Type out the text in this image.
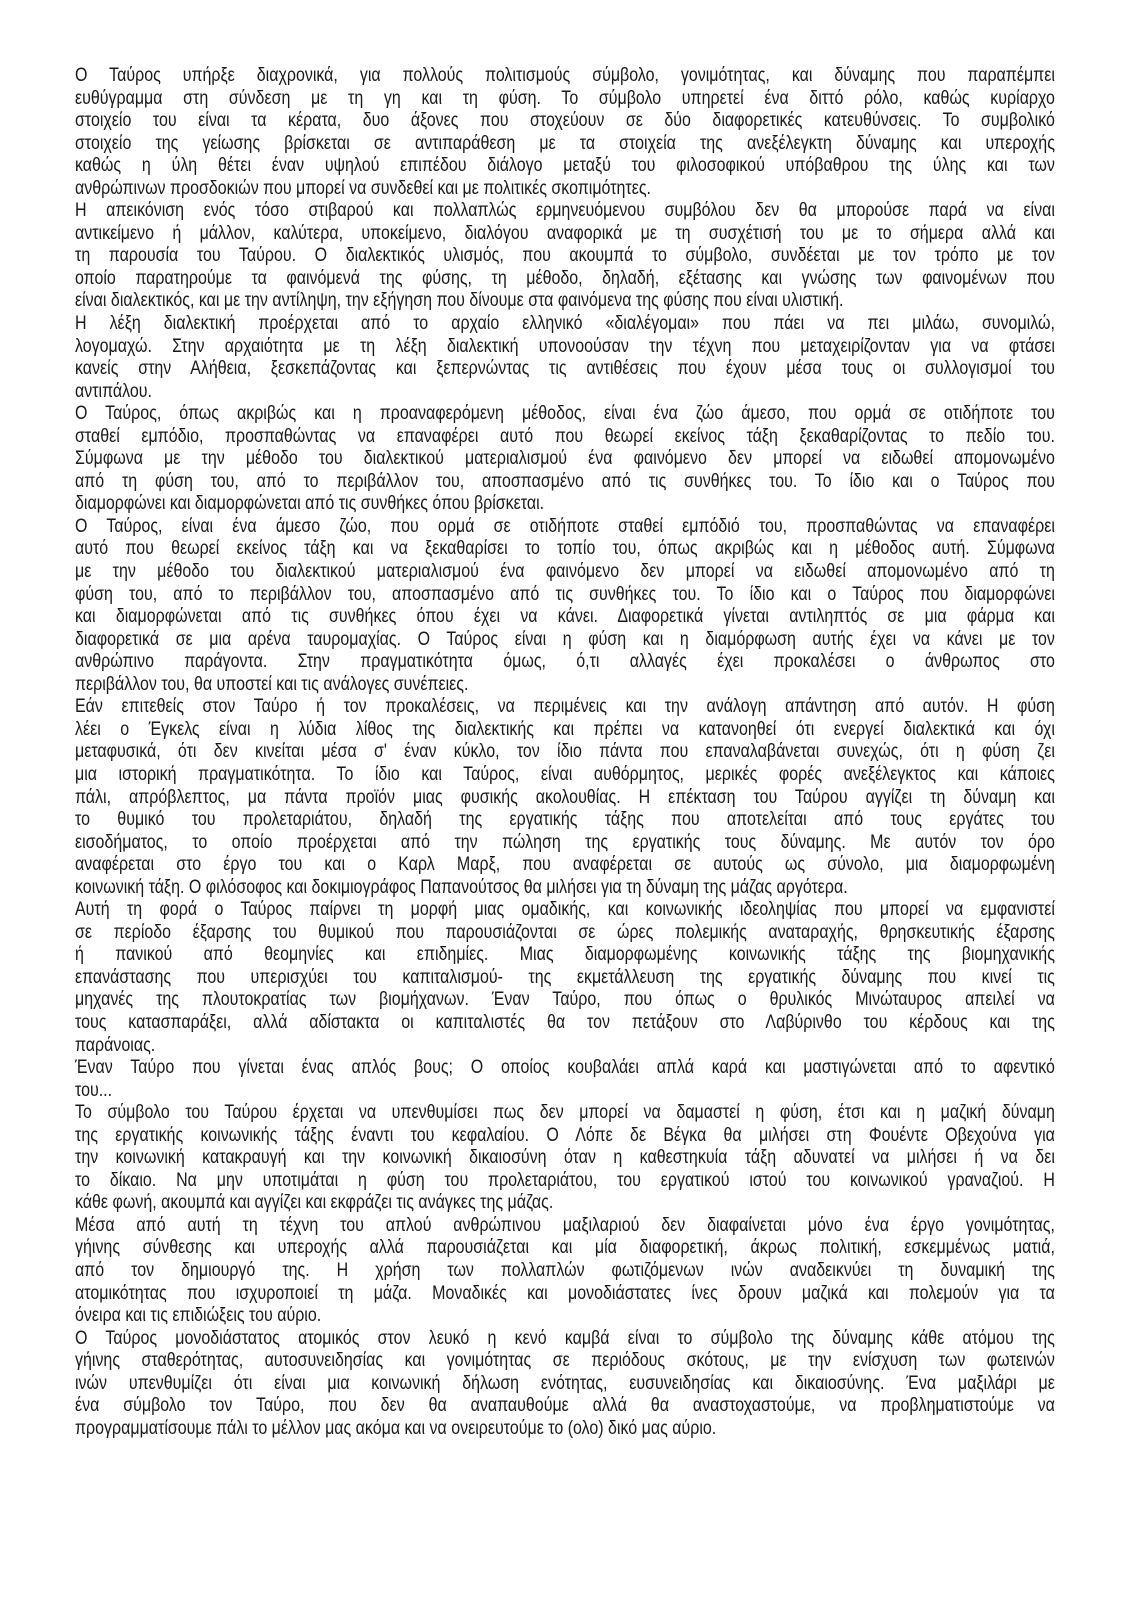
Ο Ταύρος υπήρξε διαχρονικά, για πολλούς πολιτισμούς σύμβολο, γονιμότητας, και δύναμης που παραπέμπει
ευθύγραμμα στη σύνδεση με τη γη και τη φύση. Το σύμβολο υπηρετεί ένα διττό ρόλο, καθώς κυρίαρχο
στοιχείο του είναι τα κέρατα, δυο άξονες που στοχεύουν σε δύο διαφορετικές κατευθύνσεις. Το συμβολικό
στοιχείο της γείωσης βρίσκεται σε αντιπαράθεση με τα στοιχεία της ανεξέλεγκτη δύναμης και υπεροχής
καθώς η ύλη θέτει έναν υψηλού επιπέδου διάλογο μεταξύ του φιλοσοφικού υπόβαθρου της ύλης και των
ανθρώπινων προσδοκιών που μπορεί να συνδεθεί και με πολιτικές σκοπιμότητες.
Η απεικόνιση ενός τόσο στιβαρού και πολλαπλώς ερμηνευόμενου συμβόλου δεν θα μπορούσε παρά να είναι
αντικείμενο ή μάλλον, καλύτερα, υποκείμενο, διαλόγου αναφορικά με τη συσχέτισή του με το σήμερα αλλά και
τη παρουσία του Ταύρου. Ο διαλεκτικός υλισμός, που ακουμπά το σύμβολο, συνδέεται με τον τρόπο με τον
οποίο παρατηρούμε τα φαινόμενά της φύσης, τη μέθοδο, δηλαδή, εξέτασης και γνώσης των φαινομένων που
είναι διαλεκτικός, και με την αντίληψη, την εξήγηση που δίνουμε στα φαινόμενα της φύσης που είναι υλιστική.
Η λέξη διαλεκτική προέρχεται από το αρχαίο ελληνικό «διαλέγομαι» που πάει να πει μιλάω, συνομιλώ,
λογομαχώ. Στην αρχαιότητα με τη λέξη διαλεκτική υπονοούσαν την τέχνη που μεταχειρίζονταν για να φτάσει
κανείς στην Αλήθεια, ξεσκεπάζοντας και ξεπερνώντας τις αντιθέσεις που έχουν μέσα τους οι συλλογισμοί του
αντιπάλου.
Ο Ταύρος, όπως ακριβώς και η προαναφερόμενη μέθοδος, είναι ένα ζώο άμεσο, που ορμά σε οτιδήποτε του
σταθεί εμπόδιο, προσπαθώντας να επαναφέρει αυτό που θεωρεί εκείνος τάξη ξεκαθαρίζοντας το πεδίο του.
Σύμφωνα με την μέθοδο του διαλεκτικού ματεριαλισμού ένα φαινόμενο δεν μπορεί να ειδωθεί απομονωμένο
από τη φύση του, από το περιβάλλον του, αποσπασμένο από τις συνθήκες του. Το ίδιο και ο Ταύρος που
διαμορφώνει και διαμορφώνεται από τις συνθήκες όπου βρίσκεται.
Ο Ταύρος, είναι ένα άμεσο ζώο, που ορμά σε οτιδήποτε σταθεί εμπόδιό του, προσπαθώντας να επαναφέρει
αυτό που θεωρεί εκείνος τάξη και να ξεκαθαρίσει το τοπίο του, όπως ακριβώς και η μέθοδος αυτή. Σύμφωνα
με την μέθοδο του διαλεκτικού ματεριαλισμού ένα φαινόμενο δεν μπορεί να ειδωθεί απομονωμένο από τη
φύση του, από το περιβάλλον του, αποσπασμένο από τις συνθήκες του. Το ίδιο και ο Ταύρος που διαμορφώνει
και διαμορφώνεται από τις συνθήκες όπου έχει να κάνει. Διαφορετικά γίνεται αντιληπτός σε μια φάρμα και
διαφορετικά σε μια αρένα ταυρομαχίας. Ο Ταύρος είναι η φύση και η διαμόρφωση αυτής έχει να κάνει με τον
ανθρώπινο παράγοντα. Στην πραγματικότητα όμως, ό,τι αλλαγές έχει προκαλέσει ο άνθρωπος στο
περιβάλλον του, θα υποστεί και τις ανάλογες συνέπειες.
Εάν επιτεθείς στον Ταύρο ή τον προκαλέσεις, να περιμένεις και την ανάλογη απάντηση από αυτόν. Η φύση
λέει ο Έγκελς είναι η λύδια λίθος της διαλεκτικής και πρέπει να κατανοηθεί ότι ενεργεί διαλεκτικά και όχι
μεταφυσικά, ότι δεν κινείται μέσα σ' έναν κύκλο, τον ίδιο πάντα που επαναλαβάνεται συνεχώς, ότι η φύση ζει
μια ιστορική πραγματικότητα. Το ίδιο και Ταύρος, είναι αυθόρμητος, μερικές φορές ανεξέλεγκτος και κάποιες
πάλι, απρόβλεπτος, μα πάντα προϊόν μιας φυσικής ακολουθίας. Η επέκταση του Ταύρου αγγίζει τη δύναμη και
το θυμικό του προλεταριάτου, δηλαδή της εργατικής τάξης που αποτελείται από τους εργάτες του
εισοδήματος, το οποίο προέρχεται από την πώληση της εργατικής τους δύναμης. Με αυτόν τον όρο
αναφέρεται στο έργο του και ο Καρλ Μαρξ, που αναφέρεται σε αυτούς ως σύνολο, μια διαμορφωμένη
κοινωνική τάξη. Ο φιλόσοφος και δοκιμιογράφος Παπανούτσος θα μιλήσει για τη δύναμη της μάζας αργότερα.
Αυτή τη φορά ο Ταύρος παίρνει τη μορφή μιας ομαδικής, και κοινωνικής ιδεοληψίας που μπορεί να εμφανιστεί
σε περίοδο έξαρσης του θυμικού που παρουσιάζονται σε ώρες πολεμικής αναταραχής, θρησκευτικής έξαρσης
ή πανικού από θεομηνίες και επιδημίες. Μιας διαμορφωμένης κοινωνικής τάξης της βιομηχανικής
επανάστασης που υπερισχύει του καπιταλισμού- της εκμετάλλευση της εργατικής δύναμης που κινεί τις
μηχανές της πλουτοκρατίας των βιομήχανων. Έναν Ταύρο, που όπως ο θρυλικός Μινώταυρος απειλεί να
τους κατασπαράξει, αλλά αδίστακτα οι καπιταλιστές θα τον πετάξουν στο Λαβύρινθο του κέρδους και της
παράνοιας.
Έναν Ταύρο που γίνεται ένας απλός βους; Ο οποίος κουβαλάει απλά καρά και μαστιγώνεται από το αφεντικό
του...
Το σύμβολο του Ταύρου έρχεται να υπενθυμίσει πως δεν μπορεί να δαμαστεί η φύση, έτσι και η μαζική δύναμη
της εργατικής κοινωνικής τάξης έναντι του κεφαλαίου. Ο Λόπε δε Βέγκα θα μιλήσει στη Φουέντε Οβεχούνα για
την κοινωνική κατακραυγή και την κοινωνική δικαιοσύνη όταν η καθεστηκυία τάξη αδυνατεί να μιλήσει ή να δει
το δίκαιο. Να μην υποτιμάται η φύση του προλεταριάτου, του εργατικού ιστού του κοινωνικού γραναζιού. Η
κάθε φωνή, ακουμπά και αγγίζει και εκφράζει τις ανάγκες της μάζας.
Μέσα από αυτή τη τέχνη του απλού ανθρώπινου μαξιλαριού δεν διαφαίνεται μόνο ένα έργο γονιμότητας,
γήινης σύνθεσης και υπεροχής αλλά παρουσιάζεται και μία διαφορετική, άκρως πολιτική, εσκεμμένως ματιά,
από τον δημιουργό της. Η χρήση των πολλαπλών φωτιζόμενων ινών αναδεικνύει τη δυναμική της
ατομικότητας που ισχυροποιεί τη μάζα. Μοναδικές και μονοδιάστατες ίνες δρουν μαζικά και πολεμούν για τα
όνειρα και τις επιδιώξεις του αύριο.
Ο Ταύρος μονοδιάστατος ατομικός στον λευκό η κενό καμβά είναι το σύμβολο της δύναμης κάθε ατόμου της
γήινης σταθερότητας, αυτοσυνειδησίας και γονιμότητας σε περιόδους σκότους, με την ενίσχυση των φωτεινών
ινών υπενθυμίζει ότι είναι μια κοινωνική δήλωση ενότητας, ευσυνειδησίας και δικαιοσύνης. Ένα μαξιλάρι με
ένα σύμβολο τον Ταύρο, που δεν θα αναπαυθούμε αλλά θα αναστοχαστούμε, να προβληματιστούμε να
προγραμματίσουμε πάλι το μέλλον μας ακόμα και να ονειρευτούμε το (ολο) δικό μας αύριο.
